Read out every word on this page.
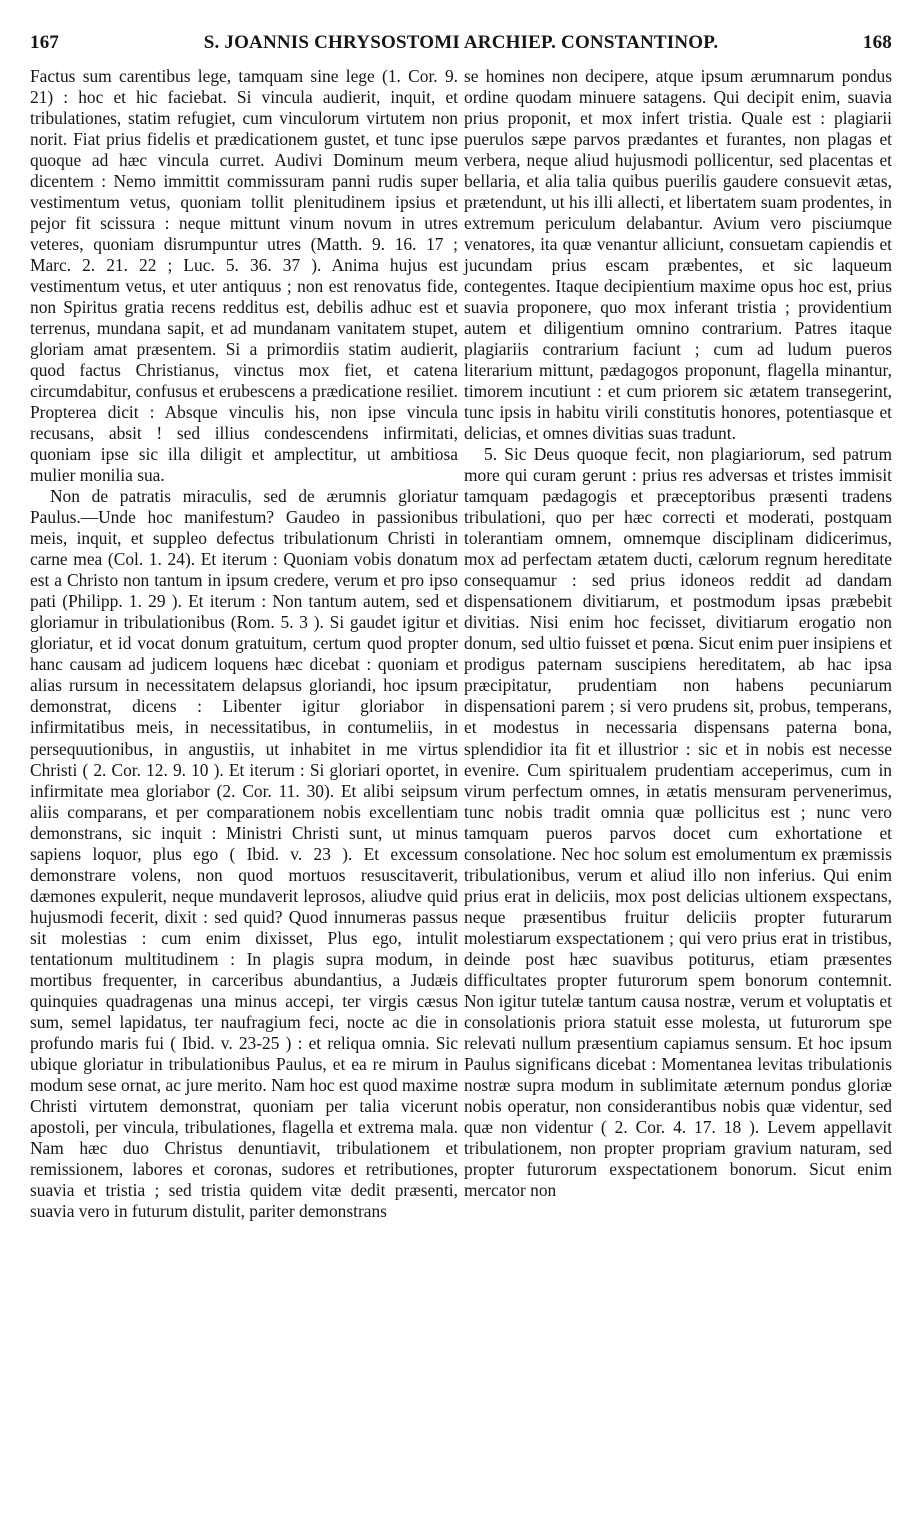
167	S. JOANNIS CHRYSOSTOMI ARCHIEP. CONSTANTINOP.	168

Factus sum carentibus lege, tamquam sine lege (1. Cor. 9. 21) : hoc et hic faciebat. Si vincula audierit, inquit, et tribulationes, statim refugiet, cum vinculorum virtutem non norit. Fiat prius fidelis et prædicationem gustet, et tunc ipse quoque ad hæc vincula curret. Audivi Dominum meum dicentem : Nemo immittit commissuram panni rudis super vestimentum vetus, quoniam tollit plenitudinem ipsius et pejor fit scissura : neque mittunt vinum novum in utres veteres, quoniam disrumpuntur utres (Matth. 9. 16. 17 ; Marc. 2. 21. 22 ; Luc. 5. 36. 37 ). Anima hujus est vestimentum vetus, et uter antiquus ; non est renovatus fide, non Spiritus gratia recens redditus est, debilis adhuc est et terrenus, mundana sapit, et ad mundanam vanitatem stupet, gloriam amat præsentem. Si a primordiis statim audierit, quod factus Christianus, vinctus mox fiet, et catena circumdabitur, confusus et erubescens a prædicatione resiliet. Propterea dicit : Absque vinculis his, non ipse vincula recusans, absit ! sed illius condescendens infirmitati, quoniam ipse sic illa diligit et amplectitur, ut ambitiosa mulier monilia sua.

Non de patratis miraculis, sed de ærumnis gloriatur Paulus.—Unde hoc manifestum? Gaudeo in passionibus meis, inquit, et suppleo defectus tribulationum Christi in carne mea (Col. 1. 24). Et iterum : Quoniam vobis donatum est a Christo non tantum in ipsum credere, verum et pro ipso pati (Philipp. 1. 29 ). Et iterum : Non tantum autem, sed et gloriamur in tribulationibus (Rom. 5. 3 ). Si gaudet igitur et gloriatur, et id vocat donum gratuitum, certum quod propter hanc causam ad judicem loquens hæc dicebat : quoniam et alias rursum in necessitatem delapsus gloriandi, hoc ipsum demonstrat, dicens : Libenter igitur gloriabor in infirmitatibus meis, in necessitatibus, in contumeliis, in persequutionibus, in angustiis, ut inhabitet in me virtus Christi ( 2. Cor. 12. 9. 10 ). Et iterum : Si gloriari oportet, in infirmitate mea gloriabor (2. Cor. 11. 30). Et alibi seipsum aliis comparans, et per comparationem nobis excellentiam demonstrans, sic inquit : Ministri Christi sunt, ut minus sapiens loquor, plus ego ( Ibid. v. 23 ). Et excessum demonstrare volens, non quod mortuos resuscitaverit, dæmones expulerit, neque mundaverit leprosos, aliudve quid hujusmodi fecerit, dixit : sed quid? Quod innumeras passus sit molestias : cum enim dixisset, Plus ego, intulit tentationum multitudinem : In plagis supra modum, in mortibus frequenter, in carceribus abundantius, a Judæis quinquies quadragenas una minus accepi, ter virgis cæsus sum, semel lapidatus, ter naufragium feci, nocte ac die in profundo maris fui ( Ibid. v. 23-25 ) : et reliqua omnia. Sic ubique gloriatur in tribulationibus Paulus, et ea re mirum in modum sese ornat, ac jure merito. Nam hoc est quod maxime Christi virtutem demonstrat, quoniam per talia vicerunt apostoli, per vincula, tribulationes, flagella et extrema mala. Nam hæc duo Christus denuntiavit, tribulationem et remissionem, labores et coronas, sudores et retributiones, suavia et tristia ; sed tristia quidem vitæ dedit præsenti, suavia vero in futurum distulit, pariter demonstrans

se homines non decipere, atque ipsum ærumnarum pondus ordine quodam minuere satagens. Qui decipit enim, suavia prius proponit, et mox infert tristia. Quale est : plagiarii puerulos sæpe parvos prædantes et furantes, non plagas et verbera, neque aliud hujusmodi pollicentur, sed placentas et bellaria, et alia talia quibus puerilis gaudere consuevit ætas, prætendunt, ut his illi allecti, et libertatem suam prodentes, in extremum periculum delabantur. Avium vero pisciumque venatores, ita quæ venantur alliciunt, consuetam capiendis et jucundam prius escam præbentes, et sic laqueum contegentes. Itaque decipientium maxime opus hoc est, prius suavia proponere, quo mox inferant tristia ; providentium autem et diligentium omnino contrarium. Patres itaque plagiariis contrarium faciunt ; cum ad ludum pueros literarium mittunt, pædagogos proponunt, flagella minantur, timorem incutiunt : et cum priorem sic ætatem transegerint, tunc ipsis in habitu virili constitutis honores, potentiasque et delicias, et omnes divitias suas tradunt.

5. Sic Deus quoque fecit, non plagiariorum, sed patrum more qui curam gerunt : prius res adversas et tristes immisit tamquam pædagogis et præceptoribus præsenti tradens tribulationi, quo per hæc correcti et moderati, postquam tolerantiam omnem, omnemque disciplinam didicerimus, mox ad perfectam ætatem ducti, cælorum regnum hereditate consequamur : sed prius idoneos reddit ad dandam dispensationem divitiarum, et postmodum ipsas præbebit divitias. Nisi enim hoc fecisset, divitiarum erogatio non donum, sed ultio fuisset et pœna. Sicut enim puer insipiens et prodigus paternam suscipiens hereditatem, ab hac ipsa præcipitatur, prudentiam non habens pecuniarum dispensationi parem ; si vero prudens sit, probus, temperans, et modestus in necessaria dispensans paterna bona, splendidior ita fit et illustrior : sic et in nobis est necesse evenire. Cum spiritualem prudentiam acceperimus, cum in virum perfectum omnes, in ætatis mensuram pervenerimus, tunc nobis tradit omnia quæ pollicitus est ; nunc vero tamquam pueros parvos docet cum exhortatione et consolatione. Nec hoc solum est emolumentum ex præmissis tribulationibus, verum et aliud illo non inferius. Qui enim prius erat in deliciis, mox post delicias ultionem exspectans, neque præsentibus fruitur deliciis propter futurarum molestiarum exspectationem ; qui vero prius erat in tristibus, deinde post hæc suavibus potiturus, etiam præsentes difficultates propter futurorum spem bonorum contemnit. Non igitur tutelæ tantum causa nostræ, verum et voluptatis et consolationis priora statuit esse molesta, ut futurorum spe relevati nullum præsentium capiamus sensum. Et hoc ipsum Paulus significans dicebat : Momentanea levitas tribulationis nostræ supra modum in sublimitate æternum pondus gloriæ nobis operatur, non considerantibus nobis quæ videntur, sed quæ non videntur ( 2. Cor. 4. 17. 18 ). Levem appellavit tribulationem, non propter propriam gravium naturam, sed propter futurorum exspectationem bonorum. Sicut enim mercator non
